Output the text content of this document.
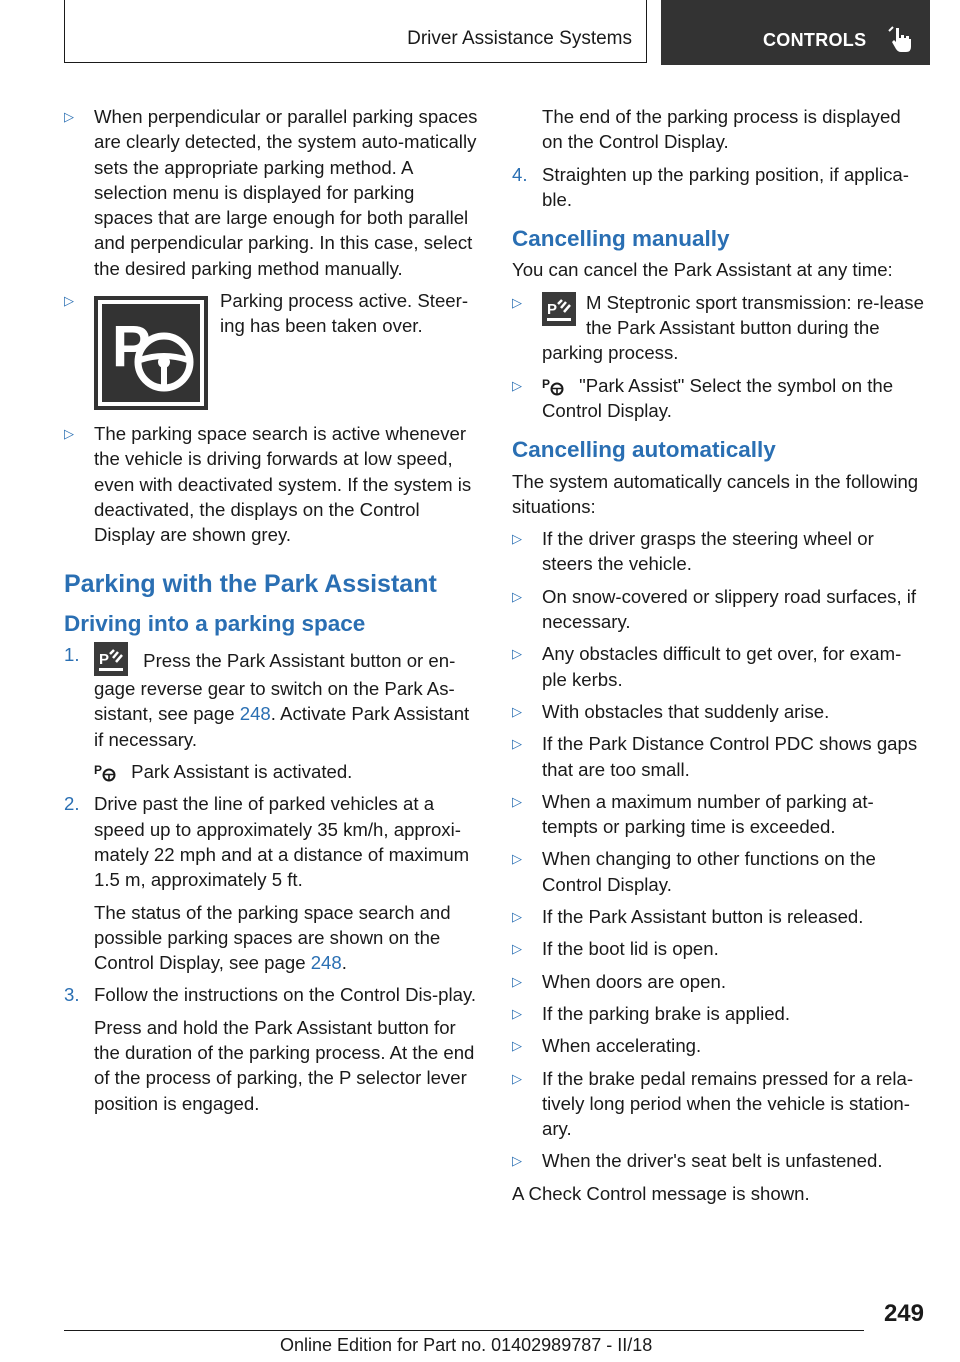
Driver Assistance Systems	CONTROLS
▷ When perpendicular or parallel parking spaces are clearly detected, the system auto‐matically sets the appropriate parking method. A selection menu is displayed for parking spaces that are large enough for both parallel and perpendicular parking. In this case, select the desired parking method manually.
▷
P
Parking process active. Steer‐ing has been taken over.
▷ The parking space search is active whenever the vehicle is driving forwards at low speed, even with deactivated system. If the system is deactivated, the displays on the Control Display are shown grey.
Parking with the Park Assistant
Driving into a parking space
1. P Press the Park Assistant button or en‐gage reverse gear to switch on the Park As‐sistant, see page 248. Activate Park Assistant if necessary.

P Park Assistant is activated.

2. Drive past the line of parked vehicles at a speed up to approximately 35 km/h, approxi‐mately 22 mph and at a distance of maximum 1.5 m, approximately 5 ft.

The status of the parking space search and possible parking spaces are shown on the Control Display, see page 248.

3. Follow the instructions on the Control Dis‐play.

Press and hold the Park Assistant button for the duration of the parking process. At the end of the process of parking, the P selector lever position is engaged.

The end of the parking process is displayed on the Control Display.

4. Straighten up the parking position, if applica‐ble.

Cancelling manually

You can cancel the Park Assistant at any time:

▷ P M Steptronic sport transmission: re‐lease the Park Assistant button during the parking process.
▷ P "Park Assist" Select the symbol on the Control Display.
Cancelling automatically

The system automatically cancels in the following situations:

▷ If the driver grasps the steering wheel or steers the vehicle.
▷ On snow-covered or slippery road surfaces, if necessary.
▷ Any obstacles difficult to get over, for exam‐ple kerbs.
▷ With obstacles that suddenly arise.
▷ If the Park Distance Control PDC shows gaps that are too small.
▷ When a maximum number of parking at‐tempts or parking time is exceeded.
▷ When changing to other functions on the Control Display.
▷ If the Park Assistant button is released.
▷ If the boot lid is open.
▷ When doors are open.
▷ If the parking brake is applied.
▷ When accelerating.
▷ If the brake pedal remains pressed for a rela‐tively long period when the vehicle is station‐ary.
▷ When the driver's seat belt is unfastened.

A Check Control message is shown.

249
Online Edition for Part no. 01402989787 - II/18
